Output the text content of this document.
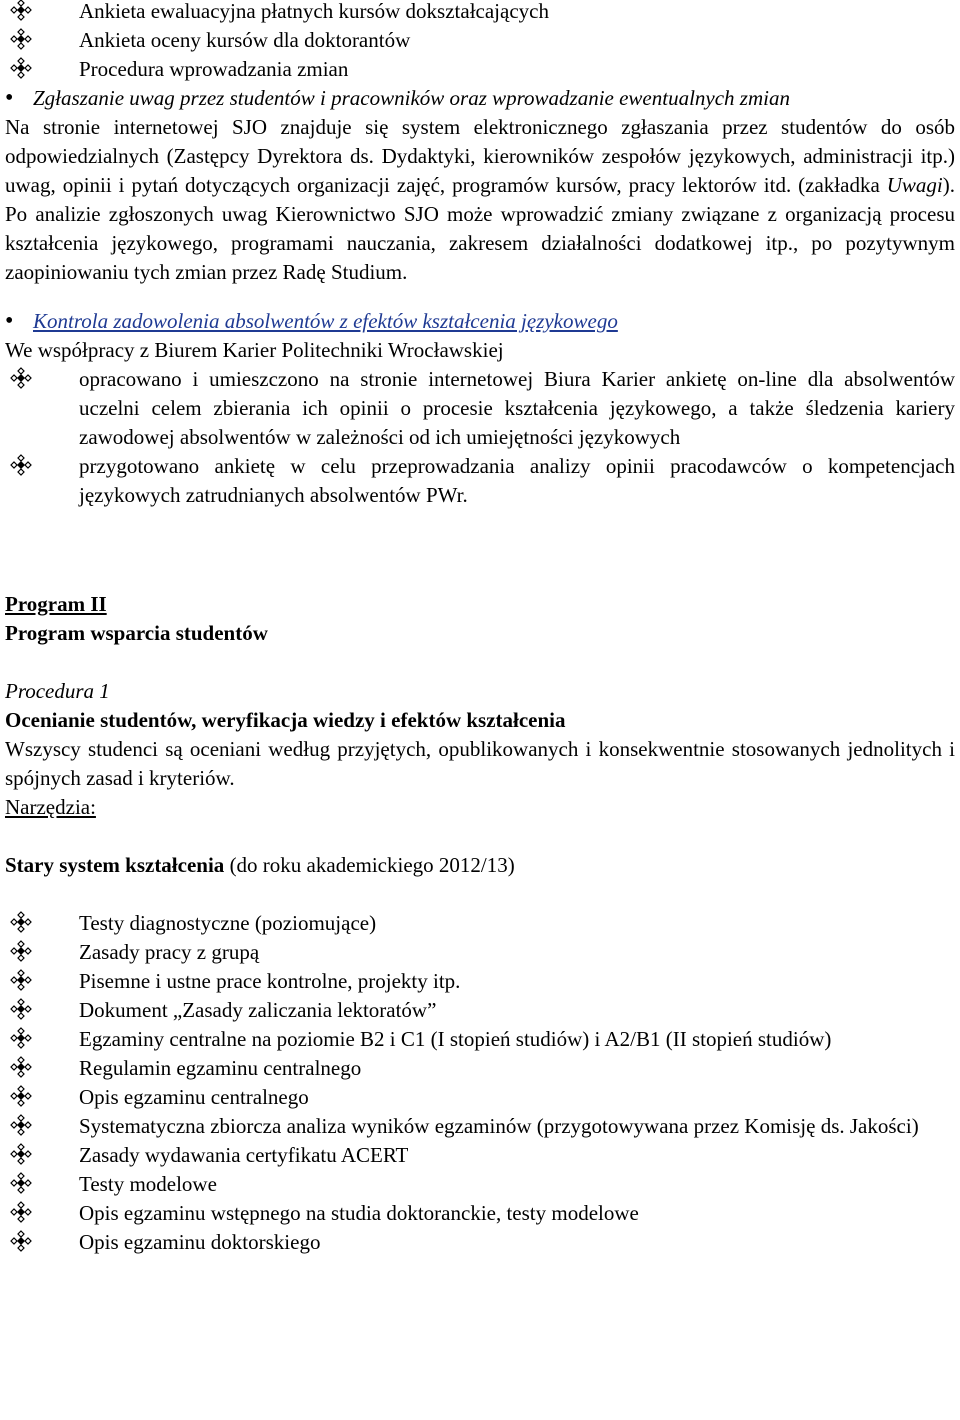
Ankieta ewaluacyjna płatnych kursów dokształcających
Ankieta oceny kursów dla doktorantów
Procedura wprowadzania zmian
• Zgłaszanie uwag przez studentów i pracowników oraz wprowadzanie ewentualnych zmian
Na stronie internetowej SJO znajduje się system elektronicznego zgłaszania przez studentów do osób odpowiedzialnych (Zastępcy Dyrektora ds. Dydaktyki, kierowników zespołów językowych, administracji itp.) uwag, opinii i pytań dotyczących organizacji zajęć, programów kursów, pracy lektorów itd. (zakładka Uwagi). Po analizie zgłoszonych uwag Kierownictwo SJO może wprowadzić zmiany związane z organizacją procesu kształcenia językowego, programami nauczania, zakresem działalności dodatkowej itp., po pozytywnym zaopiniowaniu tych zmian przez Radę Studium.
• Kontrola zadowolenia absolwentów z efektów kształcenia językowego
We współpracy z Biurem Karier Politechniki Wrocławskiej
opracowano i umieszczono na stronie internetowej Biura Karier ankietę on-line dla absolwentów uczelni celem zbierania ich opinii o procesie kształcenia językowego, a także śledzenia kariery zawodowej absolwentów w zależności od ich umiejętności językowych
przygotowano ankietę w celu przeprowadzania analizy opinii pracodawców o kompetencjach językowych zatrudnianych absolwentów PWr.
Program II
Program wsparcia studentów
Procedura 1
Ocenianie studentów, weryfikacja wiedzy i efektów kształcenia
Wszyscy studenci są oceniani według przyjętych, opublikowanych i konsekwentnie stosowanych jednolitych i spójnych zasad i kryteriów.
Narzędzia:
Stary system kształcenia (do roku akademickiego 2012/13)
Testy diagnostyczne (poziomujące)
Zasady pracy z grupą
Pisemne i ustne prace kontrolne, projekty itp.
Dokument „Zasady zaliczania lektoratów”
Egzaminy centralne na poziomie B2 i C1 (I stopień studiów) i A2/B1 (II stopień studiów)
Regulamin egzaminu centralnego
Opis egzaminu centralnego
Systematyczna zbiorcza analiza wyników egzaminów (przygotowywana przez Komisję ds. Jakości)
Zasady wydawania certyfikatu ACERT
Testy modelowe
Opis egzaminu wstępnego na studia doktoranckie, testy modelowe
Opis egzaminu doktorskiego
